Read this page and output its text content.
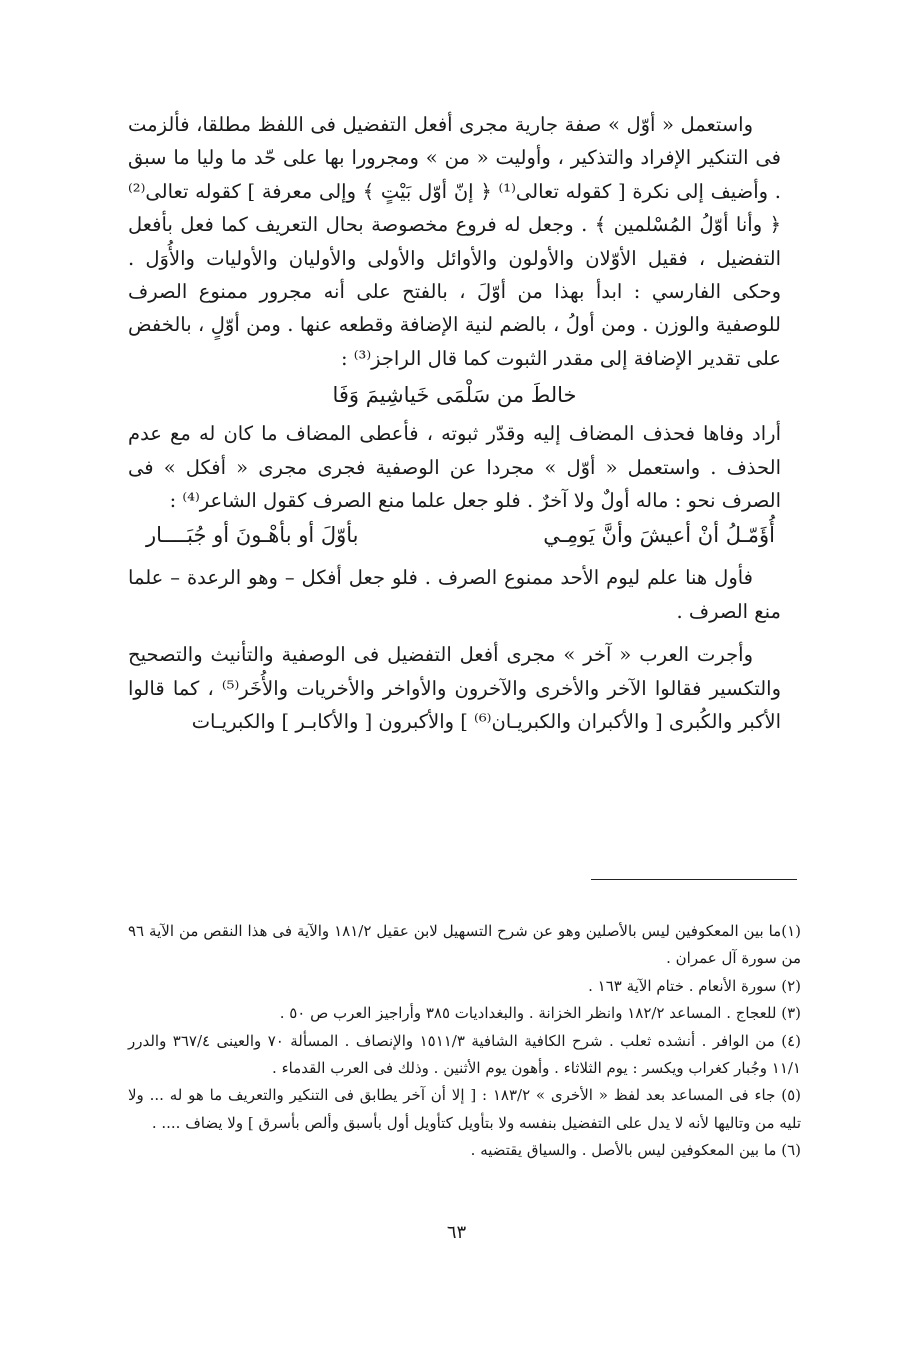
واستعمل « أوّل » صفة جارية مجرى أفعل التفضيل فى اللفظ مطلقا، فألزمت فى التنكير الإفراد والتذكير ، وأوليت « من » ومجرورا بها على حّد ما وليا ما سبق . وأضيف إلى نكرة [ كقوله تعالى⁽¹⁾ ﴿ إنّ أوّل بَيْتٍ ﴾ وإلى معرفة ] كقوله تعالى⁽²⁾ ﴿ وأنا أوّلُ المُسْلمين ﴾ . وجعل له فروع مخصوصة بحال التعريف كما فعل بأفعل التفضيل ، فقيل الأوّلان والأولون والأوائل والأولى والأوليان والأوليات والأُوَل . وحكى الفارسي : ابدأ بهذا من أوّلَ ، بالفتح على أنه مجرور ممنوع الصرف للوصفية والوزن . ومن أولُ ، بالضم لنية الإضافة وقطعه عنها . ومن أوّلٍ ، بالخفض على تقدير الإضافة إلى مقدر الثبوت كما قال الراجز⁽³⁾ :

خالطَ من سَلْمَى خَياشِيمَ وَفَا

أراد وفاها فحذف المضاف إليه وقدّر ثبوته ، فأعطى المضاف ما كان له مع عدم الحذف . واستعمل « أوّل » مجردا عن الوصفية فجرى مجرى « أفكل » فى الصرف نحو : ماله أولٌ ولا آخرٌ . فلو جعل علما منع الصرف كقول الشاعر⁽⁴⁾ :

أُؤَمّـلُ أنْ أعيشَ وأنَّ يَومِـي
بأوّلَ أو بأهْـونَ أو جُبَــــار

فأول هنا علم ليوم الأحد ممنوع الصرف . فلو جعل أفكل – وهو الرعدة – علما منع الصرف .

وأجرت العرب « آخر » مجرى أفعل التفضيل فى الوصفية والتأنيث والتصحيح والتكسير فقالوا الآخر والأخرى والآخرون والأواخر والأخريات والأُخَر⁽⁵⁾ ، كما قالوا الأكبر والكُبرى [ والأكبران والكبريـان⁽⁶⁾ ] والأكبرون [ والأكابـر ] والكبريـات

(١)ما بين المعكوفين ليس بالأصلين وهو عن شرح التسهيل لابن عقيل ١٨١/٢ والآية فى هذا النقص من الآية ٩٦ من سورة آل عمران .

(٢) سورة الأنعام . ختام الآية ١٦٣ .

(٣) للعجاج . المساعد ١٨٢/٢ وانظر الخزانة . والبغداديات ٣٨٥ وأراجيز العرب ص ٥٠ .

(٤) من الوافر . أنشده ثعلب . شرح الكافية الشافية ١٥١١/٣ والإنصاف . المسألة ٧٠ والعينى ٣٦٧/٤ والدرر ١١/١ وجُبار كغراب ويكسر : يوم الثلاثاء . وأهون يوم الأثنين . وذلك فى العرب القدماء .

(٥) جاء فى المساعد بعد لفظ « الأخرى » ١٨٣/٢ : [ إلا أن آخر يطابق فى التنكير والتعريف ما هو له ... ولا تليه من وتاليها لأنه لا يدل على التفضيل بنفسه ولا بتأويل كتأويل أول بأسبق وألص بأسرق ] ولا يضاف .... .

(٦) ما بين المعكوفين ليس بالأصل . والسياق يقتضيه .

٦٣
